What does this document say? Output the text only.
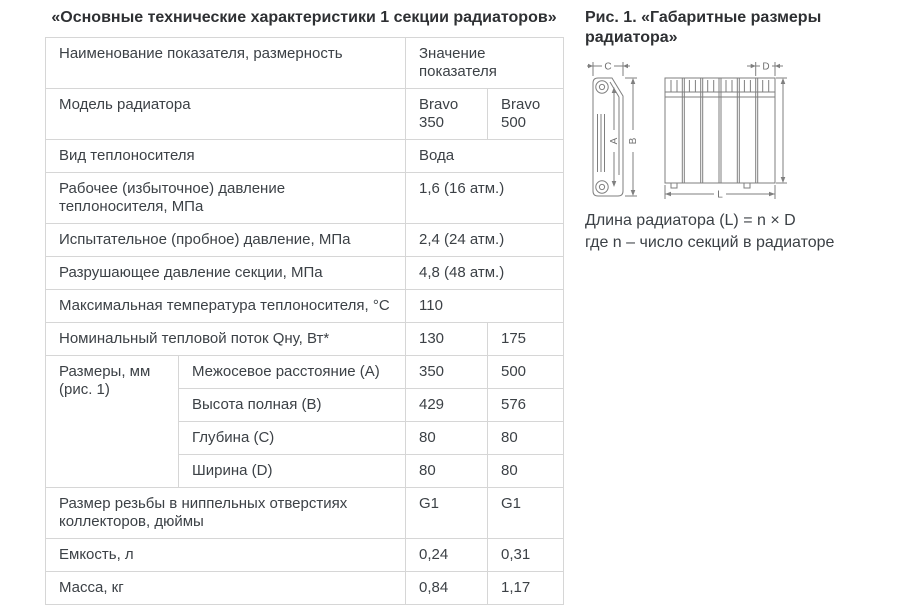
«Основные технические характеристики 1 секции радиаторов»
Наименование показателя, размерность		Значение показателя	
Модель радиатора		Bravo 350	Bravo 500
Вид теплоносителя		Вода	
Рабочее (избыточное) давление теплоносителя, МПа		1,6 (16 атм.)	
Испытательное (пробное) давление, МПа		2,4 (24 атм.)	
Разрушающее давление секции, МПа		4,8 (48 атм.)	
Максимальная температура теплоносителя, °С		110	
Номинальный тепловой поток Qну, Вт*		130	175
Размеры, мм (рис. 1)	Межосевое расстояние (A)	350	500
	Высота полная (B)	429	576
	Глубина (C)	80	80
	Ширина (D)	80	80
Размер резьбы в ниппельных отверстиях коллекторов, дюймы		G1	G1
Емкость, л		0,24	0,31
Масса, кг		0,84	1,17
Рис. 1. «Габаритные размеры радиатора»
C
A B
D
L
Длина радиатора (L) = n × D
где n – число секций в радиаторе
